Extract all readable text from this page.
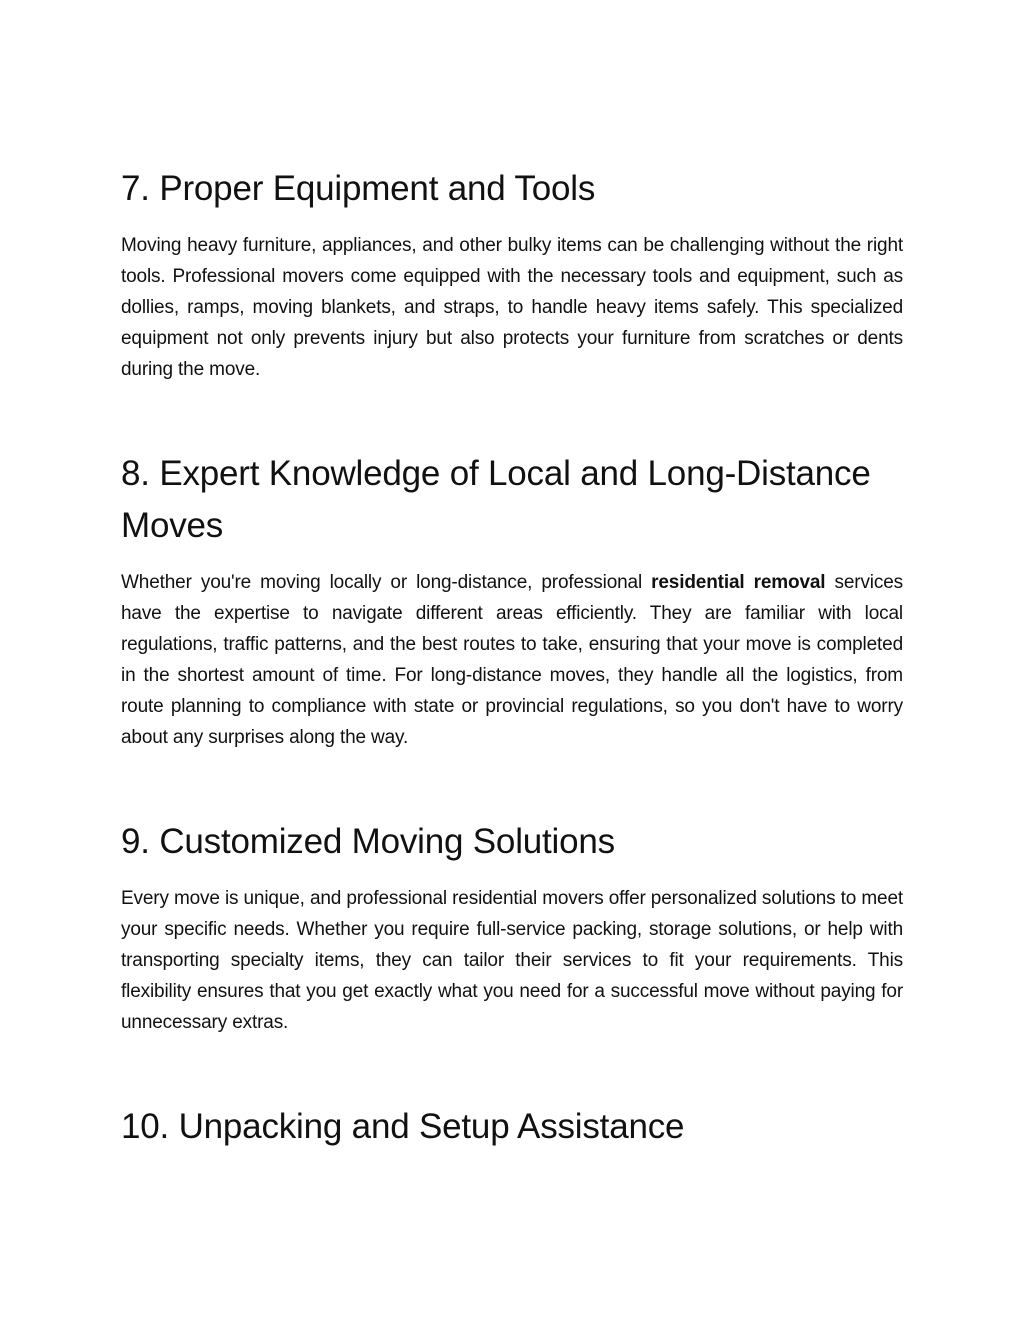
7. Proper Equipment and Tools

Moving heavy furniture, appliances, and other bulky items can be challenging without the right tools. Professional movers come equipped with the necessary tools and equipment, such as dollies, ramps, moving blankets, and straps, to handle heavy items safely. This specialized equipment not only prevents injury but also protects your furniture from scratches or dents during the move.

8. Expert Knowledge of Local and Long-Distance Moves

Whether you're moving locally or long-distance, professional residential removal services have the expertise to navigate different areas efficiently. They are familiar with local regulations, traffic patterns, and the best routes to take, ensuring that your move is completed in the shortest amount of time. For long-distance moves, they handle all the logistics, from route planning to compliance with state or provincial regulations, so you don't have to worry about any surprises along the way.

9. Customized Moving Solutions

Every move is unique, and professional residential movers offer personalized solutions to meet your specific needs. Whether you require full-service packing, storage solutions, or help with transporting specialty items, they can tailor their services to fit your requirements. This flexibility ensures that you get exactly what you need for a successful move without paying for unnecessary extras.

10. Unpacking and Setup Assistance
